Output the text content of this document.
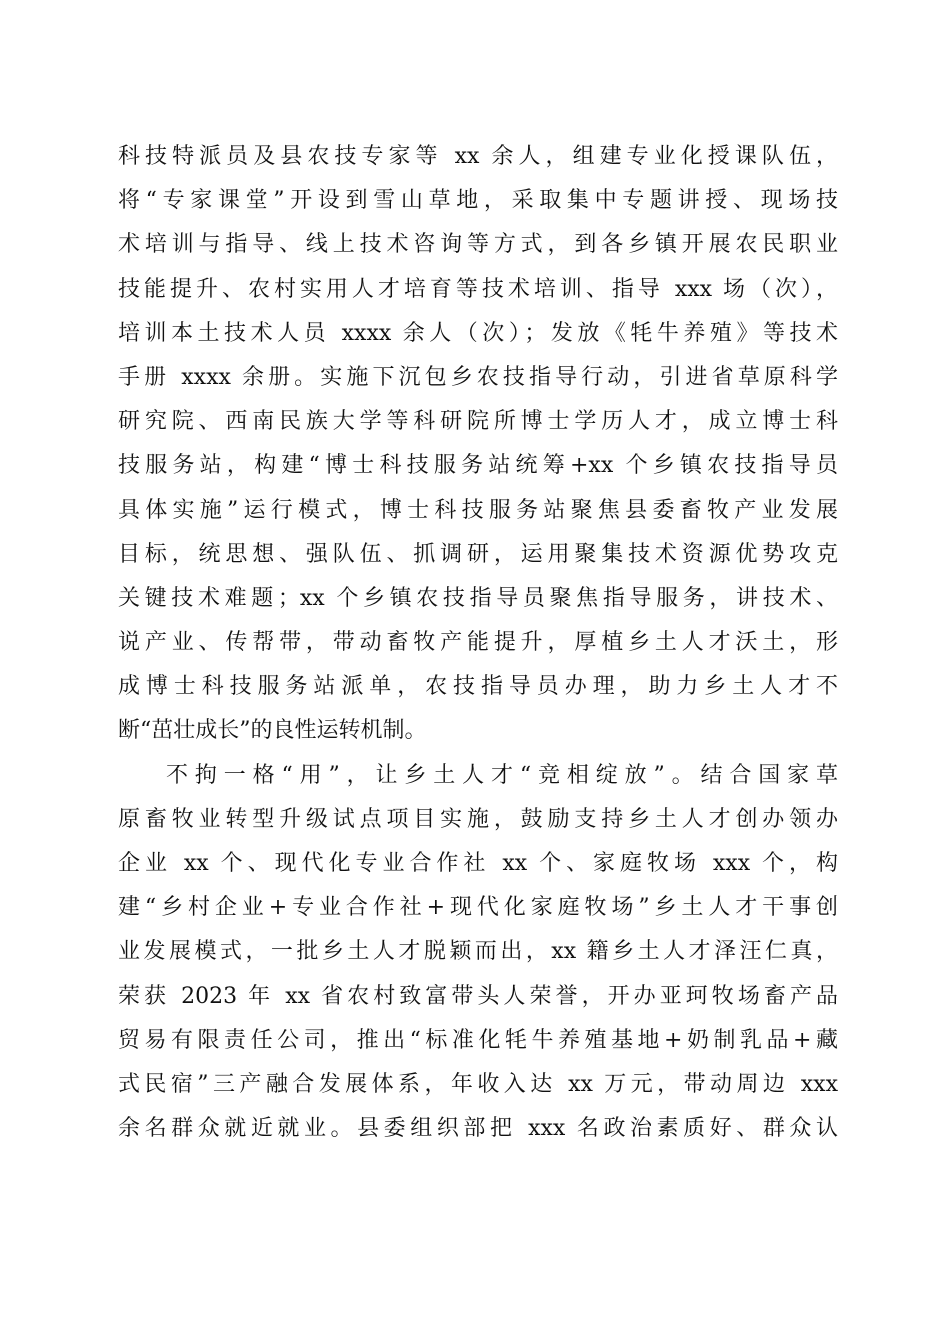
科技特派员及县农技专家等 xx 余人，组建专业化授课队伍，
将“专家课堂”开设到雪山草地，采取集中专题讲授、现场技
术培训与指导、线上技术咨询等方式，到各乡镇开展农民职业
技能提升、农村实用人才培育等技术培训、指导 xxx 场（次），
培训本土技术人员 xxxx 余人（次）；发放《牦牛养殖》等技术
手册 xxxx 余册。实施下沉包乡农技指导行动，引进省草原科学
研究院、西南民族大学等科研院所博士学历人才，成立博士科
技服务站，构建“博士科技服务站统筹+xx 个乡镇农技指导员
具体实施”运行模式，博士科技服务站聚焦县委畜牧产业发展
目标，统思想、强队伍、抓调研，运用聚集技术资源优势攻克
关键技术难题；xx 个乡镇农技指导员聚焦指导服务，讲技术、
说产业、传帮带，带动畜牧产能提升，厚植乡土人才沃土，形
成博士科技服务站派单，农技指导员办理，助力乡土人才不
断“茁壮成长”的良性运转机制。
不拘一格“用”，让乡土人才“竞相绽放”。结合国家草
原畜牧业转型升级试点项目实施，鼓励支持乡土人才创办领办
企业 xx 个、现代化专业合作社 xx 个、家庭牧场 xxx 个，构
建“乡村企业+专业合作社+现代化家庭牧场”乡土人才干事创
业发展模式，一批乡土人才脱颖而出，xx 籍乡土人才泽汪仁真，
荣获 2023 年 xx 省农村致富带头人荣誉，开办亚珂牧场畜产品
贸易有限责任公司，推出“标准化牦牛养殖基地+奶制乳品+藏
式民宿”三产融合发展体系，年收入达 xx 万元，带动周边 xxx
余名群众就近就业。县委组织部把 xxx 名政治素质好、群众认
